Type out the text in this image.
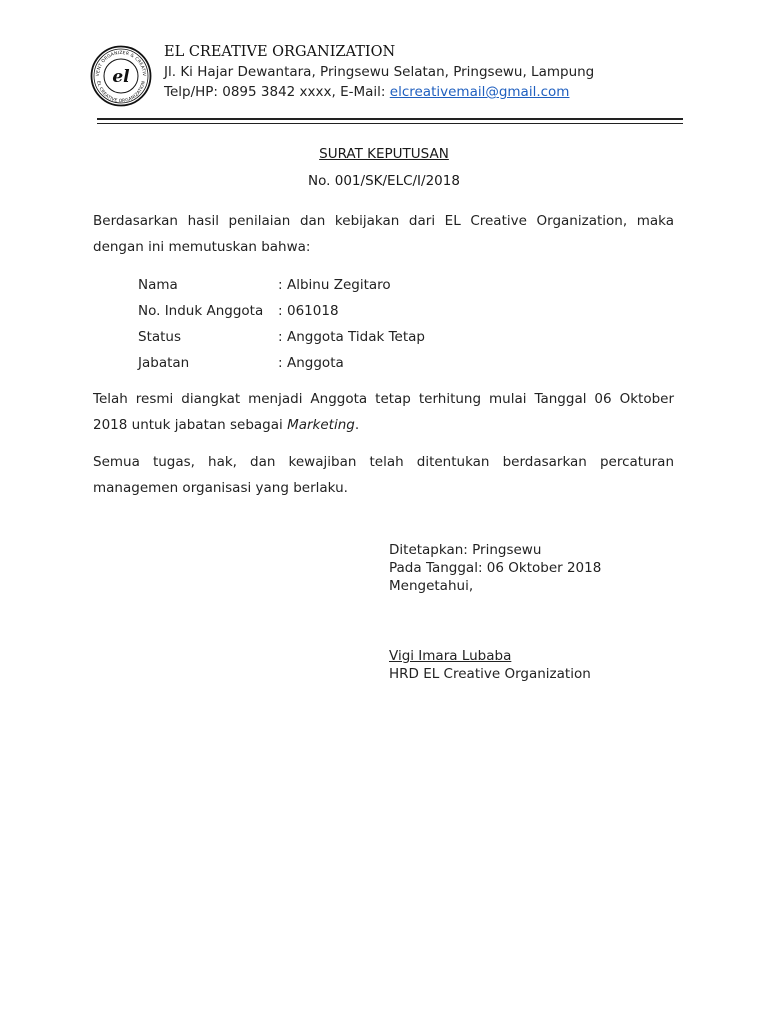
VENT ORGANIZER & CREATIV
EL CREATIVE ORGANIZATION
el
EL CREATIVE ORGANIZATION
Jl. Ki Hajar Dewantara, Pringsewu Selatan, Pringsewu, Lampung
Telp/HP: 0895 3842 xxxx, E-Mail: elcreativemail@gmail.com
SURAT KEPUTUSAN
No. 001/SK/ELC/I/2018
Berdasarkan hasil penilaian dan kebijakan dari EL Creative Organization, maka dengan ini memutuskan bahwa:
Nama	: Albinu Zegitaro
No. Induk Anggota	: 061018
Status	: Anggota Tidak Tetap
Jabatan	: Anggota
Telah resmi diangkat menjadi Anggota tetap terhitung mulai Tanggal 06 Oktober 2018 untuk jabatan sebagai Marketing.
Semua tugas, hak, dan kewajiban telah ditentukan berdasarkan percaturan managemen organisasi yang berlaku.
Ditetapkan: Pringsewu
Pada Tanggal: 06 Oktober 2018
Mengetahui,
Vigi Imara Lubaba
HRD EL Creative Organization
